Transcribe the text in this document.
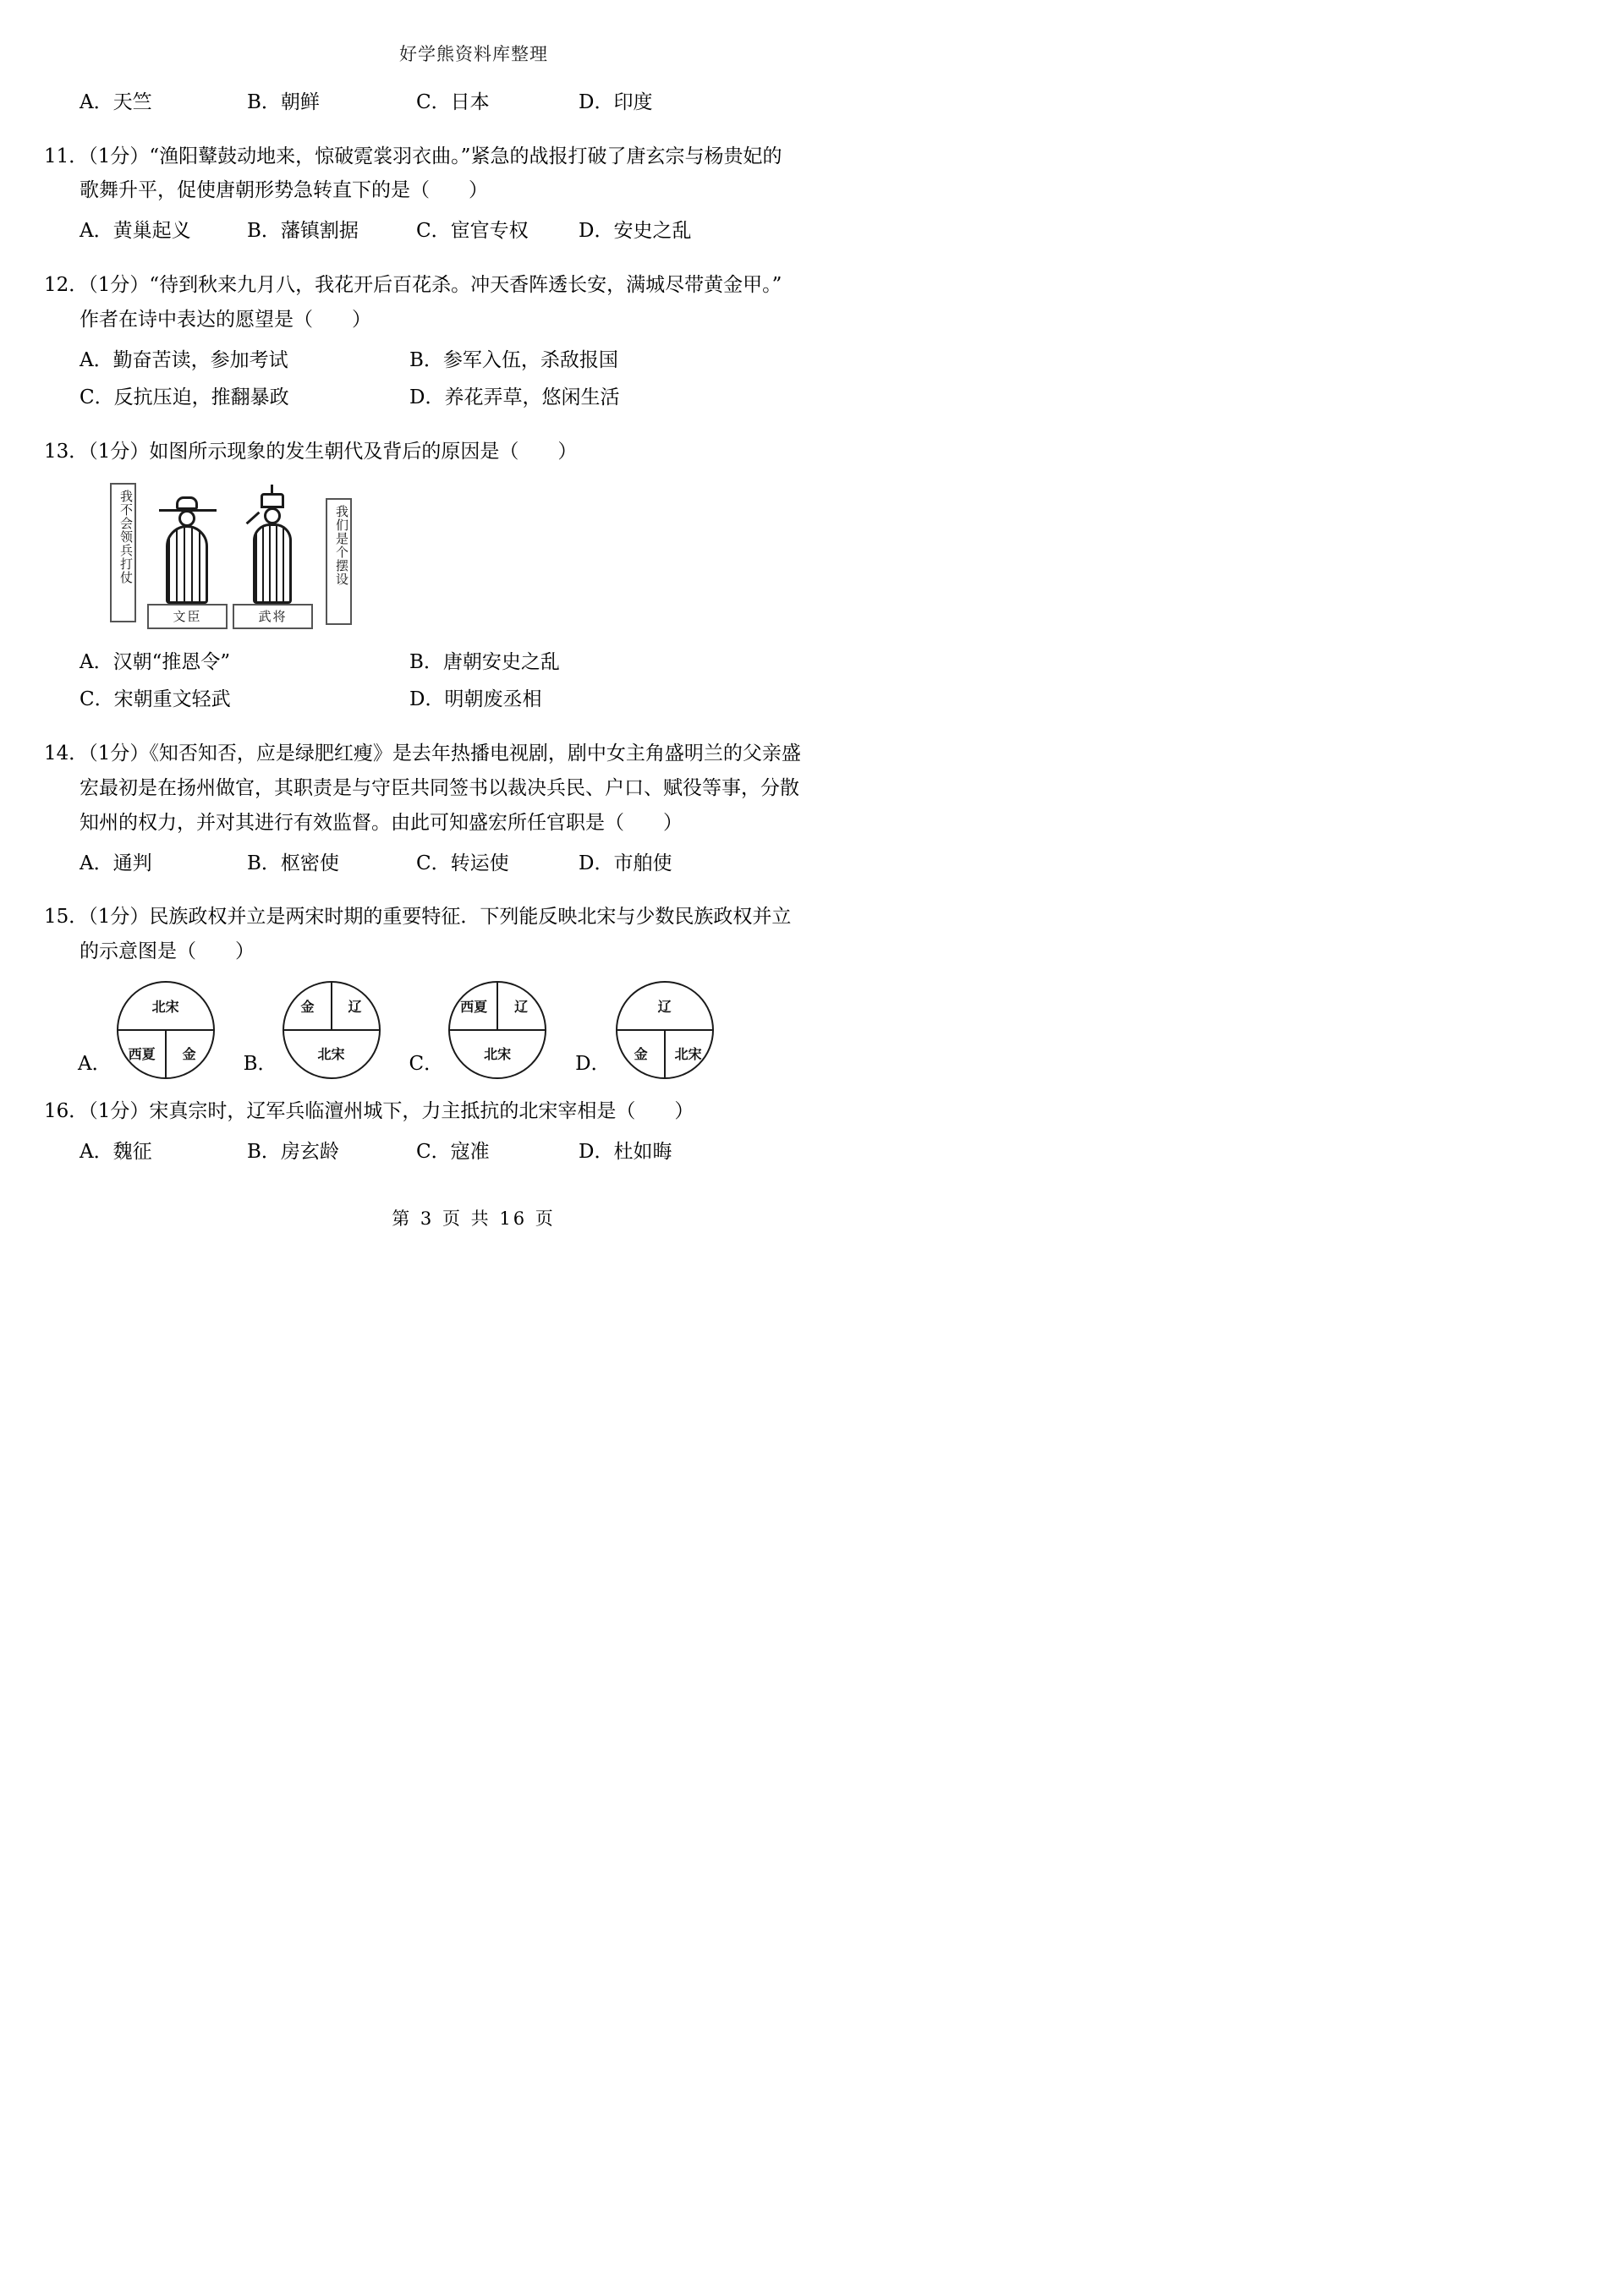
好学熊资料库整理
A．天竺	B．朝鲜	C．日本	D．印度
11．（1分）“渔阳鼙鼓动地来，惊破霓裳羽衣曲。”紧急的战报打破了唐玄宗与杨贵妃的
歌舞升平，促使唐朝形势急转直下的是（　　）
A．黄巢起义	B．藩镇割据	C．宦官专权	D．安史之乱
12．（1分）“待到秋来九月八，我花开后百花杀。冲天香阵透长安，满城尽带黄金甲。”
作者在诗中表达的愿望是（　　）
A．勤奋苦读，参加考试	B．参军入伍，杀敌报国
C．反抗压迫，推翻暴政	D．养花弄草，悠闲生活
13．（1分）如图所示现象的发生朝代及背后的原因是（　　）
我不会领兵打仗
文臣	武将
我们是个摆设
A．汉朝“推恩令”	B．唐朝安史之乱
C．宋朝重文轻武	D．明朝废丞相
14．（1分）《知否知否，应是绿肥红瘦》是去年热播电视剧，剧中女主角盛明兰的父亲盛
宏最初是在扬州做官，其职责是与守臣共同签书以裁决兵民、户口、赋役等事，分散
知州的权力，并对其进行有效监督。由此可知盛宏所任官职是（　　）
A．通判	B．枢密使	C．转运使	D．市舶使
15．（1分）民族政权并立是两宋时期的重要特征．下列能反映北宋与少数民族政权并立
的示意图是（　　）
A．
北宋
西夏	金	B．
金	辽
北宋	C．
西夏	辽
北宋	D．
辽
金	北宋
16．（1分）宋真宗时，辽军兵临澶州城下，力主抵抗的北宋宰相是（　　）
A．魏征	B．房玄龄	C．寇准	D．杜如晦
第 3 页 共 16 页
